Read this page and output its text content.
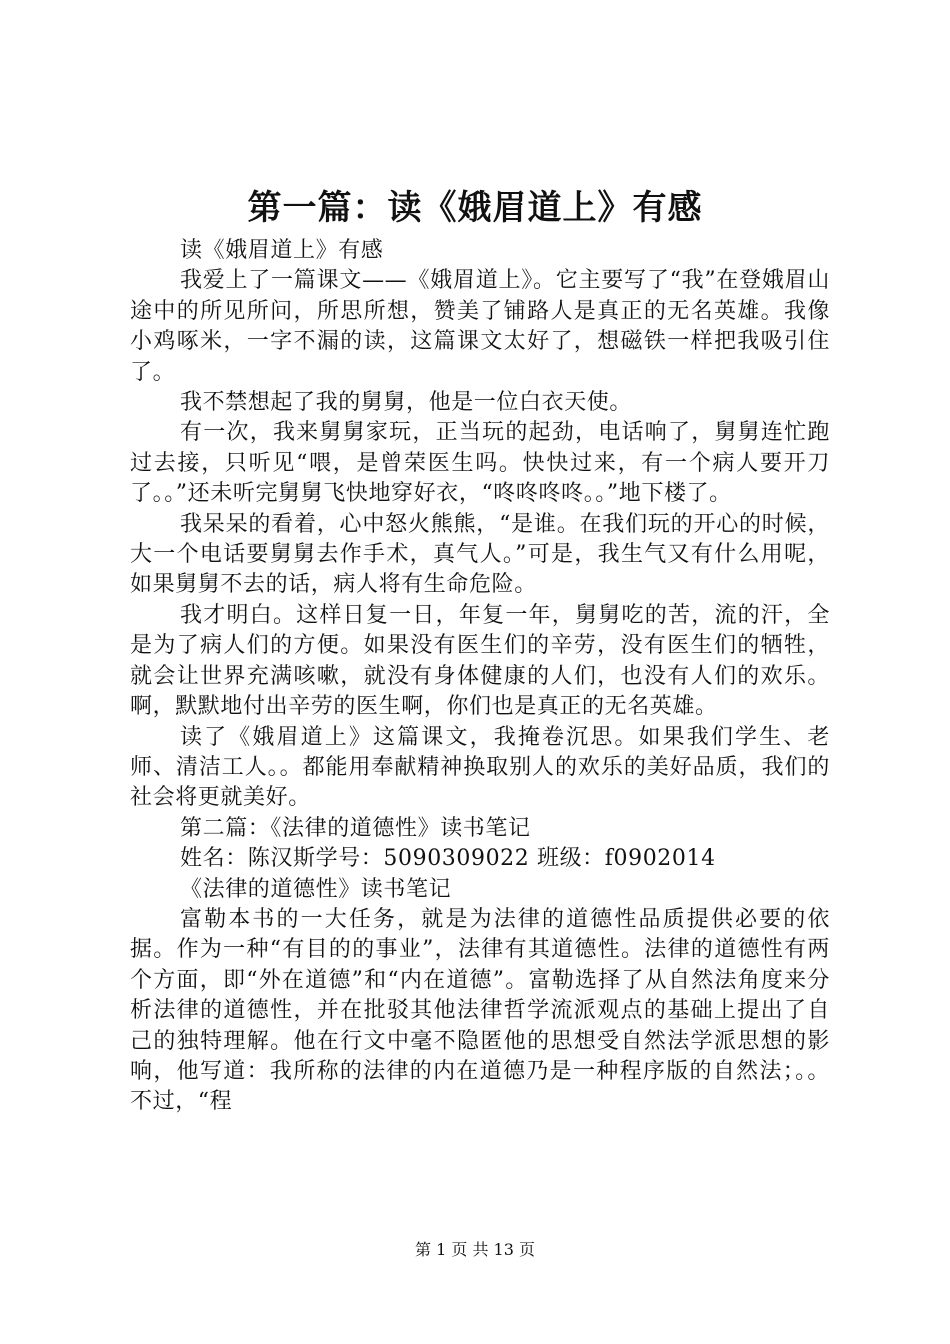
第一篇：读《娥眉道上》有感

读《娥眉道上》有感

我爱上了一篇课文——《娥眉道上》。它主要写了“我”在登娥眉山途中的所见所问，所思所想，赞美了铺路人是真正的无名英雄。我像小鸡啄米，一字不漏的读，这篇课文太好了，想磁铁一样把我吸引住了。

我不禁想起了我的舅舅，他是一位白衣天使。

有一次，我来舅舅家玩，正当玩的起劲，电话响了，舅舅连忙跑过去接，只听见“喂，是曾荣医生吗。快快过来，有一个病人要开刀了。。”还未听完舅舅飞快地穿好衣，“咚咚咚咚。。”地下楼了。

我呆呆的看着，心中怒火熊熊，“是谁。在我们玩的开心的时候，大一个电话要舅舅去作手术，真气人。”可是，我生气又有什么用呢，如果舅舅不去的话，病人将有生命危险。

我才明白。这样日复一日，年复一年，舅舅吃的苦，流的汗，全是为了病人们的方便。如果没有医生们的辛劳，没有医生们的牺牲，就会让世界充满咳嗽，就没有身体健康的人们，也没有人们的欢乐。啊，默默地付出辛劳的医生啊，你们也是真正的无名英雄。

读了《娥眉道上》这篇课文，我掩卷沉思。如果我们学生、老师、清洁工人。。都能用奉献精神换取别人的欢乐的美好品质，我们的社会将更就美好。

第二篇：《法律的道德性》读书笔记

姓名：陈汉斯学号：5090309022 班级：f0902014

《法律的道德性》读书笔记

富勒本书的一大任务，就是为法律的道德性品质提供必要的依据。作为一种“有目的的事业”，法律有其道德性。法律的道德性有两个方面，即“外在道德”和“内在道德”。富勒选择了从自然法角度来分析法律的道德性，并在批驳其他法律哲学流派观点的基础上提出了自己的独特理解。他在行文中毫不隐匿他的思想受自然法学派思想的影响，他写道：我所称的法律的内在道德乃是一种程序版的自然法；。。不过，“程

第 1 页 共 13 页
